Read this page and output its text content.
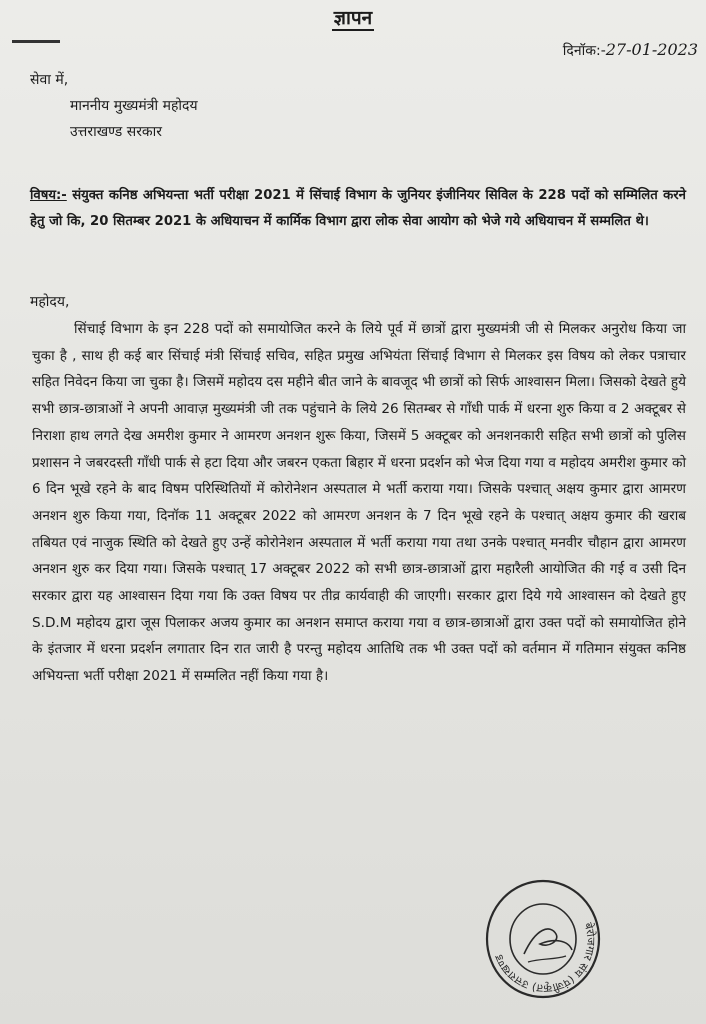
ज्ञापन
दिनॉक:-27-01-2023
सेवा में,
माननीय मुख्यमंत्री महोदय
उत्तराखण्ड सरकार
विषय:- संयुक्त कनिष्ठ अभियन्ता भर्ती परीक्षा 2021 में सिंचाई विभाग के जुनियर इंजीनियर सिविल के 228 पदों को सम्मिलित करने हेतु जो कि, 20 सितम्बर 2021 के अधियाचन में कार्मिक विभाग द्वारा लोक सेवा आयोग को भेजे गये अधियाचन में सम्मलित थे।
महोदय,
सिंचाई विभाग के इन 228 पदों को समायोजित करने के लिये पूर्व में छात्रों द्वारा मुख्यमंत्री जी से मिलकर अनुरोध किया जा चुका है , साथ ही कई बार सिंचाई मंत्री सिंचाई सचिव, सहित प्रमुख अभियंता सिंचाई विभाग से मिलकर इस विषय को लेकर पत्राचार सहित निवेदन किया जा चुका है। जिसमें महोदय दस महीने बीत जाने के बावजूद भी छात्रों को सिर्फ आश्वासन मिला। जिसको देखते हुये सभी छात्र-छात्राओं ने अपनी आवाज़ मुख्यमंत्री जी तक पहुंचाने के लिये 26 सितम्बर से गाँधी पार्क में धरना शुरु किया व 2 अक्टूबर से निराशा हाथ लगते देख अमरीश कुमार ने आमरण अनशन शुरू किया, जिसमें 5 अक्टूबर को अनशनकारी सहित सभी छात्रों को पुलिस प्रशासन ने जबरदस्ती गाँधी पार्क से हटा दिया और जबरन एकता बिहार में धरना प्रदर्शन को भेज दिया गया व महोदय अमरीश कुमार को 6 दिन भूखे रहने के बाद विषम परिस्थितियों में कोरोनेशन अस्पताल मे भर्ती कराया गया। जिसके पश्चात् अक्षय कुमार द्वारा आमरण अनशन शुरु किया गया, दिनॉक 11 अक्टूबर 2022 को आमरण अनशन के 7 दिन भूखे रहने के पश्चात् अक्षय कुमार की खराब तबियत एवं नाजुक स्थिति को देखते हुए उन्हें कोरोनेशन अस्पताल में भर्ती कराया गया तथा उनके पश्चात् मनवीर चौहान द्वारा आमरण अनशन शुरु कर दिया गया। जिसके पश्चात् 17 अक्टूबर 2022 को सभी छात्र-छात्राओं द्वारा महारैली आयोजित की गई व उसी दिन सरकार द्वारा यह आश्वासन दिया गया कि उक्त विषय पर तीव्र कार्यवाही की जाएगी। सरकार द्वारा दिये गये आश्वासन को देखते हुए S.D.M महोदय द्वारा जूस पिलाकर अजय कुमार का अनशन समाप्त कराया गया व छात्र-छात्राओं द्वारा उक्त पदों को समायोजित होने के इंतजार में धरना प्रदर्शन लगातार दिन रात जारी है परन्तु महोदय आतिथि तक भी उक्त पदों को वर्तमान में गतिमान संयुक्त कनिष्ठ अभियन्ता भर्ती परीक्षा 2021 में सम्मलित नहीं किया गया है।
बेरोजगार संघ (पंजीकृत) उत्तराखण्ड
